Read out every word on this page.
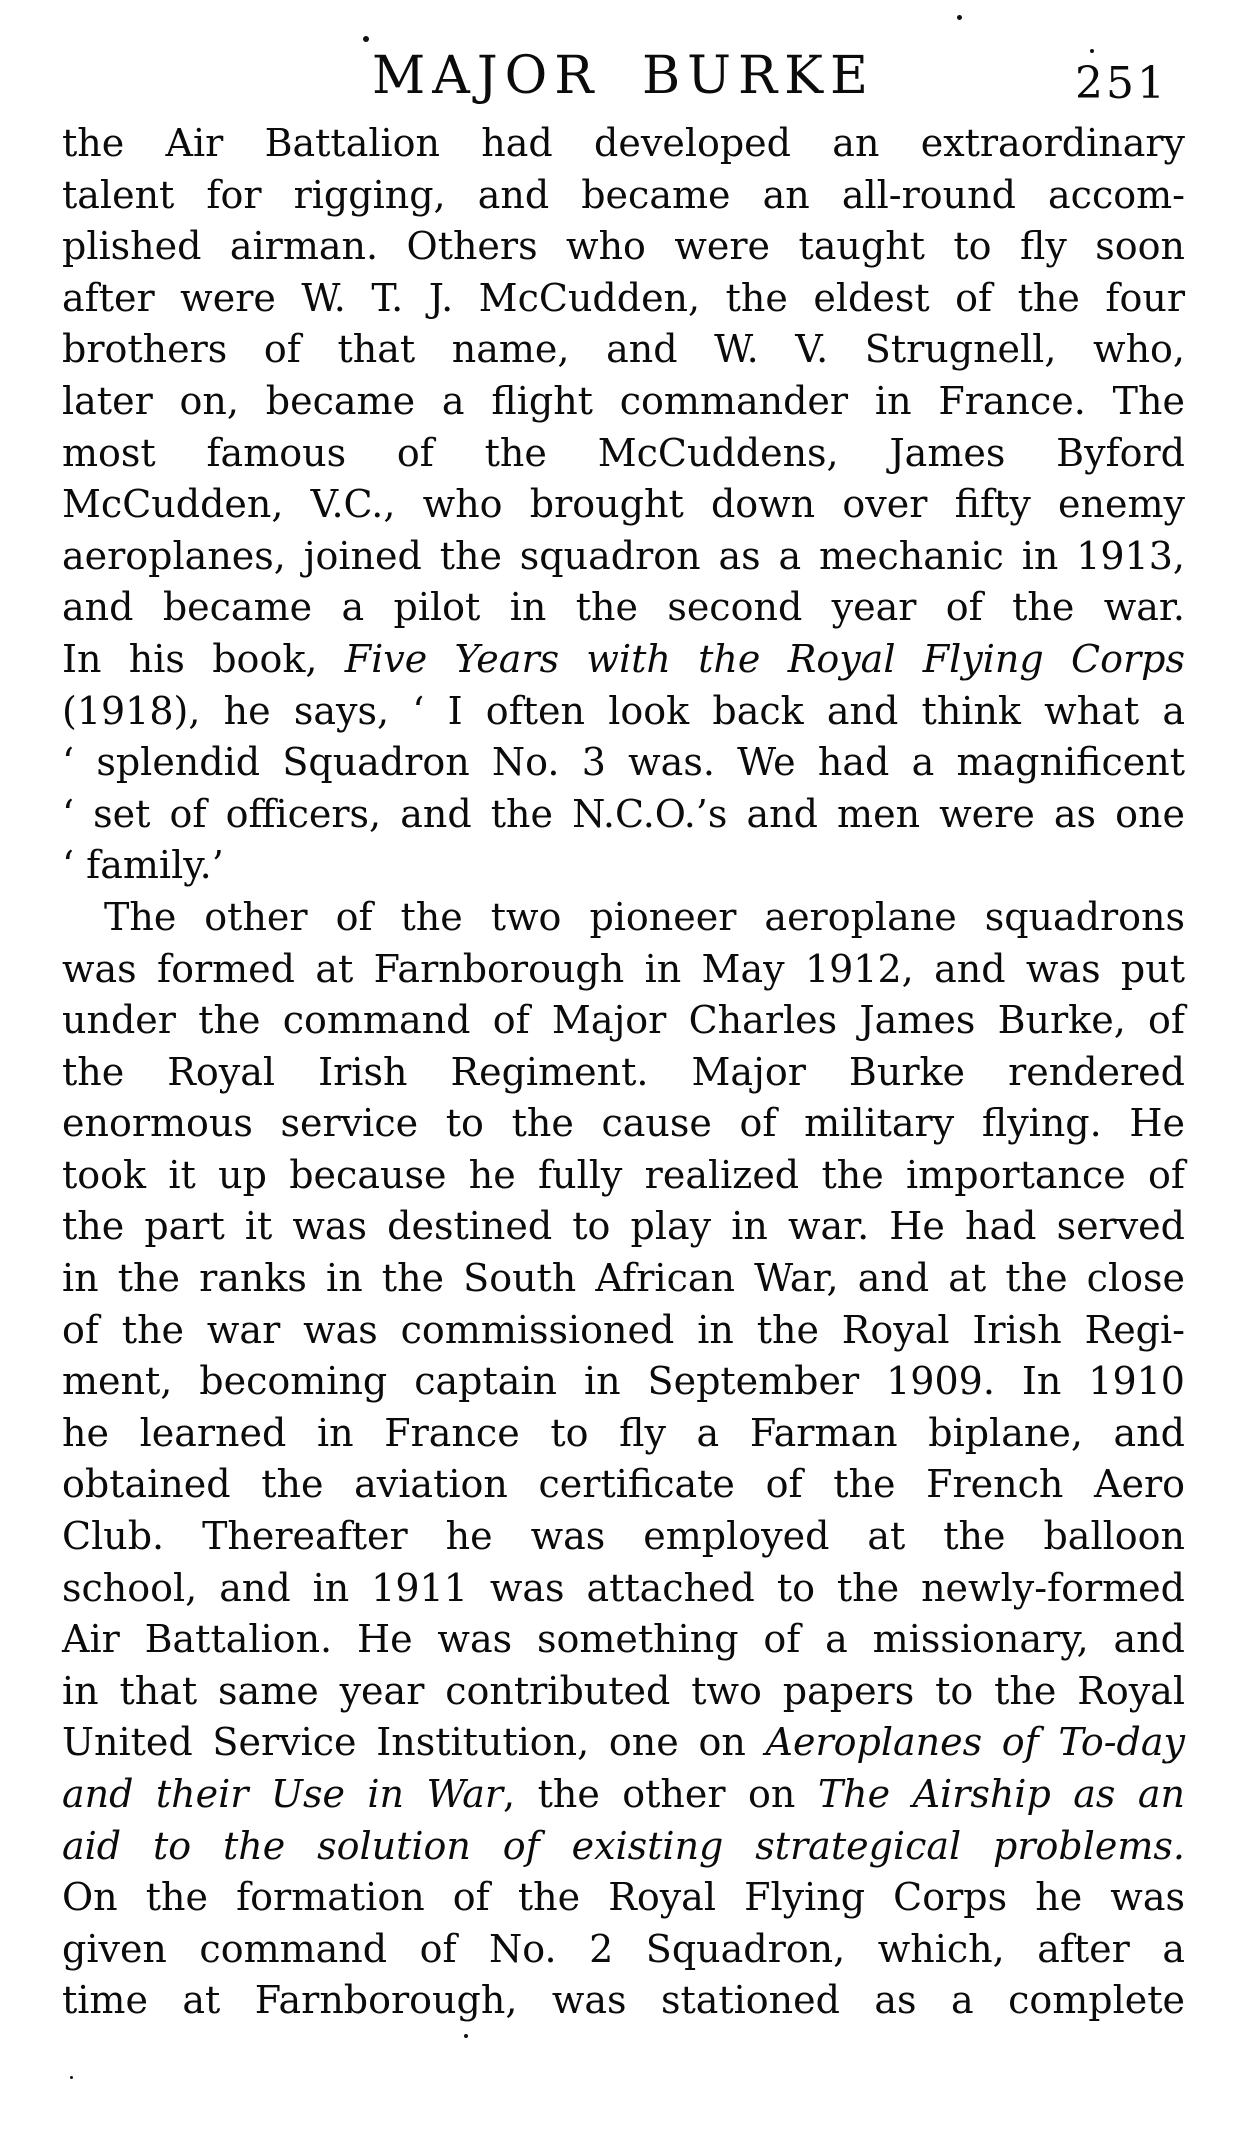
MAJOR BURKE	251
the Air Battalion had developed an extraordinary
talent for rigging, and became an all-round accom-
plished airman. Others who were taught to fly soon
after were W. T. J. McCudden, the eldest of the four
brothers of that name, and W. V. Strugnell, who,
later on, became a flight commander in France. The
most famous of the McCuddens, James Byford
McCudden, V.C., who brought down over fifty enemy
aeroplanes, joined the squadron as a mechanic in 1913,
and became a pilot in the second year of the war.
In his book, Five Years with the Royal Flying Corps
(1918), he says, ‘ I often look back and think what a
‘ splendid Squadron No. 3 was. We had a magnificent
‘ set of officers, and the N.C.O.’s and men were as one
‘ family.’
The other of the two pioneer aeroplane squadrons
was formed at Farnborough in May 1912, and was put
under the command of Major Charles James Burke, of
the Royal Irish Regiment. Major Burke rendered
enormous service to the cause of military flying. He
took it up because he fully realized the importance of
the part it was destined to play in war. He had served
in the ranks in the South African War, and at the close
of the war was commissioned in the Royal Irish Regi-
ment, becoming captain in September 1909. In 1910
he learned in France to fly a Farman biplane, and
obtained the aviation certificate of the French Aero
Club. Thereafter he was employed at the balloon
school, and in 1911 was attached to the newly-formed
Air Battalion. He was something of a missionary, and
in that same year contributed two papers to the Royal
United Service Institution, one on Aeroplanes of To-day
and their Use in War, the other on The Airship as an
aid to the solution of existing strategical problems.
On the formation of the Royal Flying Corps he was
given command of No. 2 Squadron, which, after a
time at Farnborough, was stationed as a complete
